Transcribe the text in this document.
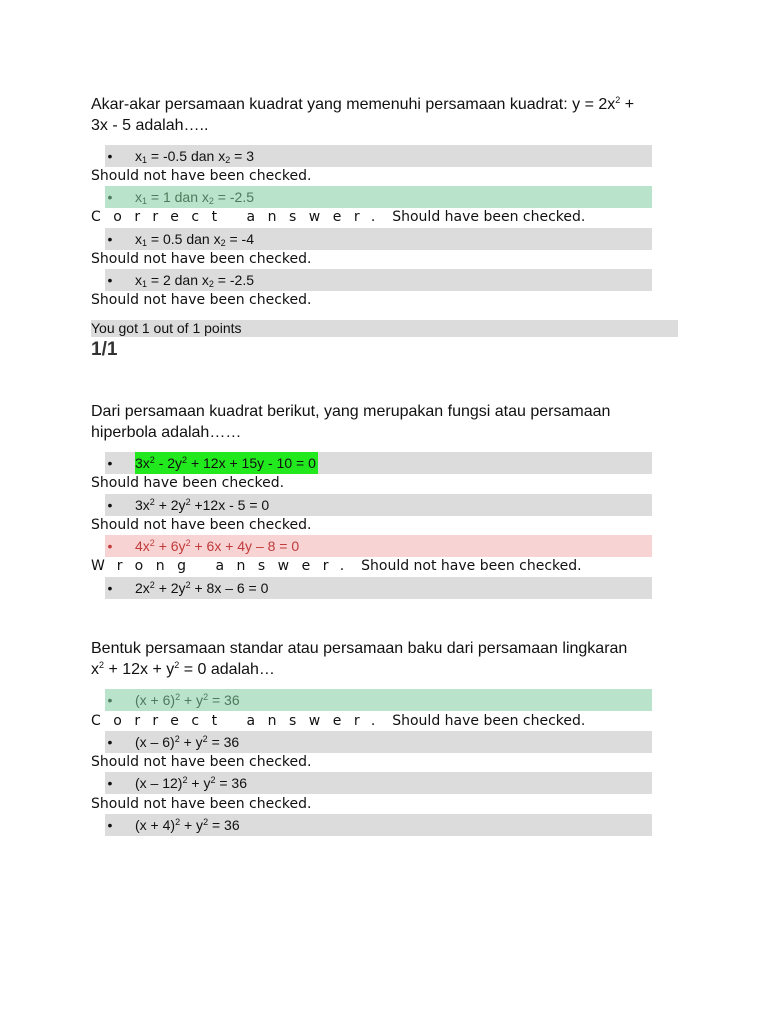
Akar-akar persamaan kuadrat yang memenuhi persamaan kuadrat: $y = 2x^2$ +
3x - 5 adalah…..
• $x_1 = -0.5$ dan $x_2 = 3$
Should not have been checked.
• $x_1 = 1$ dan $x_2 = -2.5$
Correct answer. Should have been checked.
• $x_1 = 0.5$ dan $x_2 = -4$
Should not have been checked.
• $x_1 = 2$ dan $x_2 = -2.5$
Should not have been checked.
You got 1 out of 1 points
1/1
Dari persamaan kuadrat berikut, yang merupakan fungsi atau persamaan
hiperbola adalah……
• $3x^2 - 2y^2 + 12x + 15y - 10 = 0$
Should have been checked.
• $3x^2 + 2y^2 +12x - 5 = 0$
Should not have been checked.
• $4x^2 + 6y^2 + 6x + 4y - 8 = 0$
Wrong answer. Should not have been checked.
• $2x^2 + 2y^2 + 8x - 6 = 0$
Bentuk persamaan standar atau persamaan baku dari persamaan lingkaran
$x^2 + 12x + y^2 = 0$ adalah…
• $(x + 6)^2 + y^2 = 36$
Correct answer. Should have been checked.
• $(x - 6)^2 + y^2 = 36$
Should not have been checked.
• $(x - 12)^2 + y^2 = 36$
Should not have been checked.
• $(x + 4)^2 + y^2 = 36$
